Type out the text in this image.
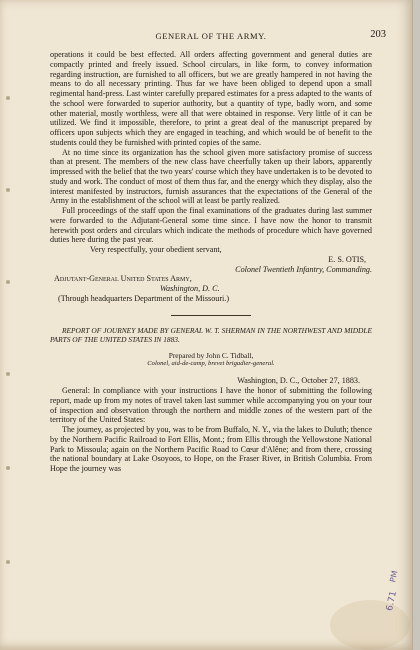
GENERAL OF THE ARMY.	203

operations it could be best effected. All orders affecting government and general duties are compactly printed and freely issued. School circulars, in like form, to convey information regarding instruction, are furnished to all officers, but we are greatly hampered in not having the means to do all necessary printing. Thus far we have been obliged to depend upon a small regimental hand-press. Last winter carefully prepared estimates for a press adapted to the wants of the school were forwarded to superior authority, but a quantity of type, badly worn, and some other material, mostly worthless, were all that were obtained in response. Very little of it can be utilized. We find it impossible, therefore, to print a great deal of the manuscript prepared by officers upon subjects which they are engaged in teaching, and which would be of benefit to the students could they be furnished with printed copies of the same.

At no time since its organization has the school given more satisfactory promise of success than at present. The members of the new class have cheerfully taken up their labors, apparently impressed with the belief that the two years' course which they have undertaken is to be devoted to study and work. The conduct of most of them thus far, and the energy which they display, also the interest manifested by instructors, furnish assurances that the expectations of the General of the Army in the establishment of the school will at least be partly realized.

Full proceedings of the staff upon the final examinations of the graduates during last summer were forwarded to the Adjutant-General some time since. I have now the honor to transmit herewith post orders and circulars which indicate the methods of procedure which have governed duties here during the past year.

Very respectfully, your obedient servant,

E. S. OTIS,

Colonel Twentieth Infantry, Commanding.

Adjutant-General United States Army,

Washington, D. C.

(Through headquarters Department of the Missouri.)

REPORT OF JOURNEY MADE BY GENERAL W. T. SHERMAN IN THE NORTHWEST AND MIDDLE PARTS OF THE UNITED STATES IN 1883.

Prepared by John C. Tidball,

Colonel, aid-de-camp, brevet brigadier-general.

Washington, D. C., October 27, 1883.

General: In compliance with your instructions I have the honor of submitting the following report, made up from my notes of travel taken last summer while accompanying you on your tour of inspection and observation through the northern and middle zones of the western part of the territory of the United States:

The journey, as projected by you, was to be from Buffalo, N. Y., via the lakes to Duluth; thence by the Northern Pacific Railroad to Fort Ellis, Mont.; from Ellis through the Yellowstone National Park to Missoula; again on the Northern Pacific Road to Cœur d'Alêne; and from there, crossing the national boundary at Lake Osoyoos, to Hope, on the Fraser River, in British Columbia. From Hope the journey was

PM
6.71
